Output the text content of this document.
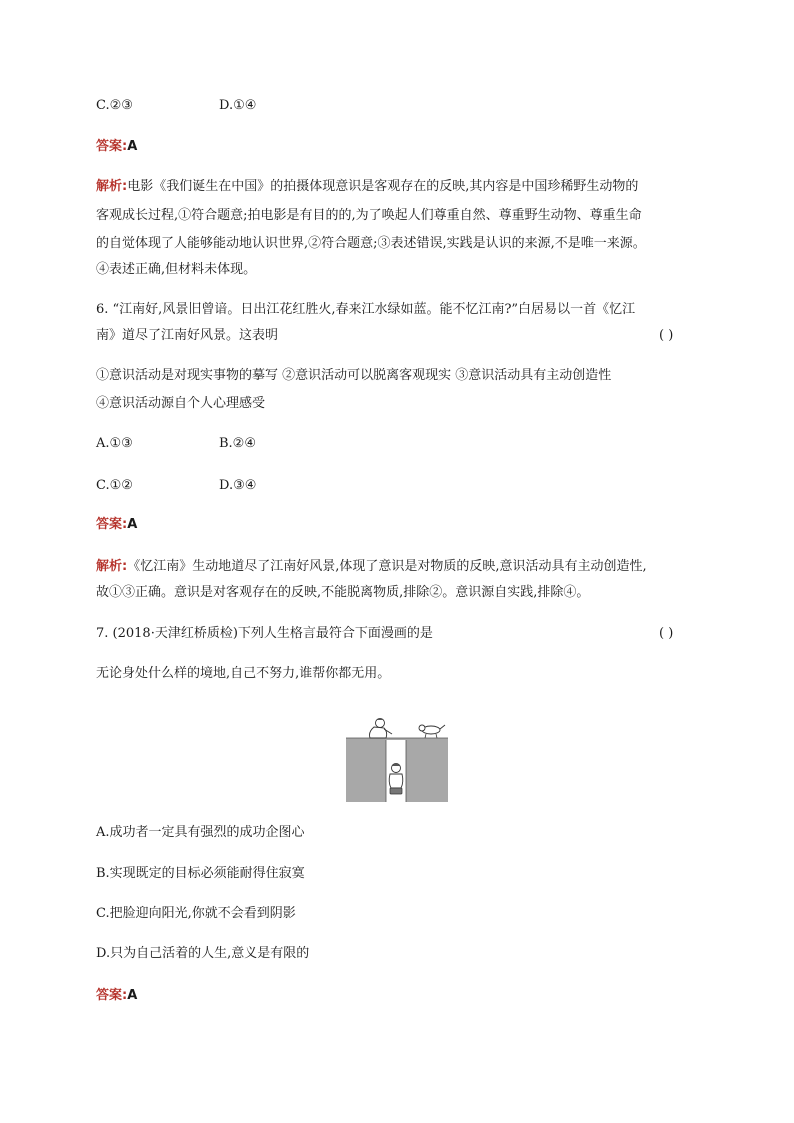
C.②③	D.①④
答案:A
解析:电影《我们诞生在中国》的拍摄体现意识是客观存在的反映,其内容是中国珍稀野生动物的
客观成长过程,①符合题意;拍电影是有目的的,为了唤起人们尊重自然、尊重野生动物、尊重生命
的自觉体现了人能够能动地认识世界,②符合题意;③表述错误,实践是认识的来源,不是唯一来源。
④表述正确,但材料未体现。
6. “江南好,风景旧曾谙。日出江花红胜火,春来江水绿如蓝。能不忆江南?”白居易以一首《忆江
南》道尽了江南好风景。这表明	( )
①意识活动是对现实事物的摹写 ②意识活动可以脱离客观现实 ③意识活动具有主动创造性
④意识活动源自个人心理感受
A.①③	B.②④
C.①②	D.③④
答案:A
解析:《忆江南》生动地道尽了江南好风景,体现了意识是对物质的反映,意识活动具有主动创造性,
故①③正确。意识是对客观存在的反映,不能脱离物质,排除②。意识源自实践,排除④。
7. (2018·天津红桥质检)下列人生格言最符合下面漫画的是	( )
无论身处什么样的境地,自己不努力,谁帮你都无用。
A.成功者一定具有强烈的成功企图心
B.实现既定的目标必须能耐得住寂寞
C.把脸迎向阳光,你就不会看到阴影
D.只为自己活着的人生,意义是有限的
答案:A
